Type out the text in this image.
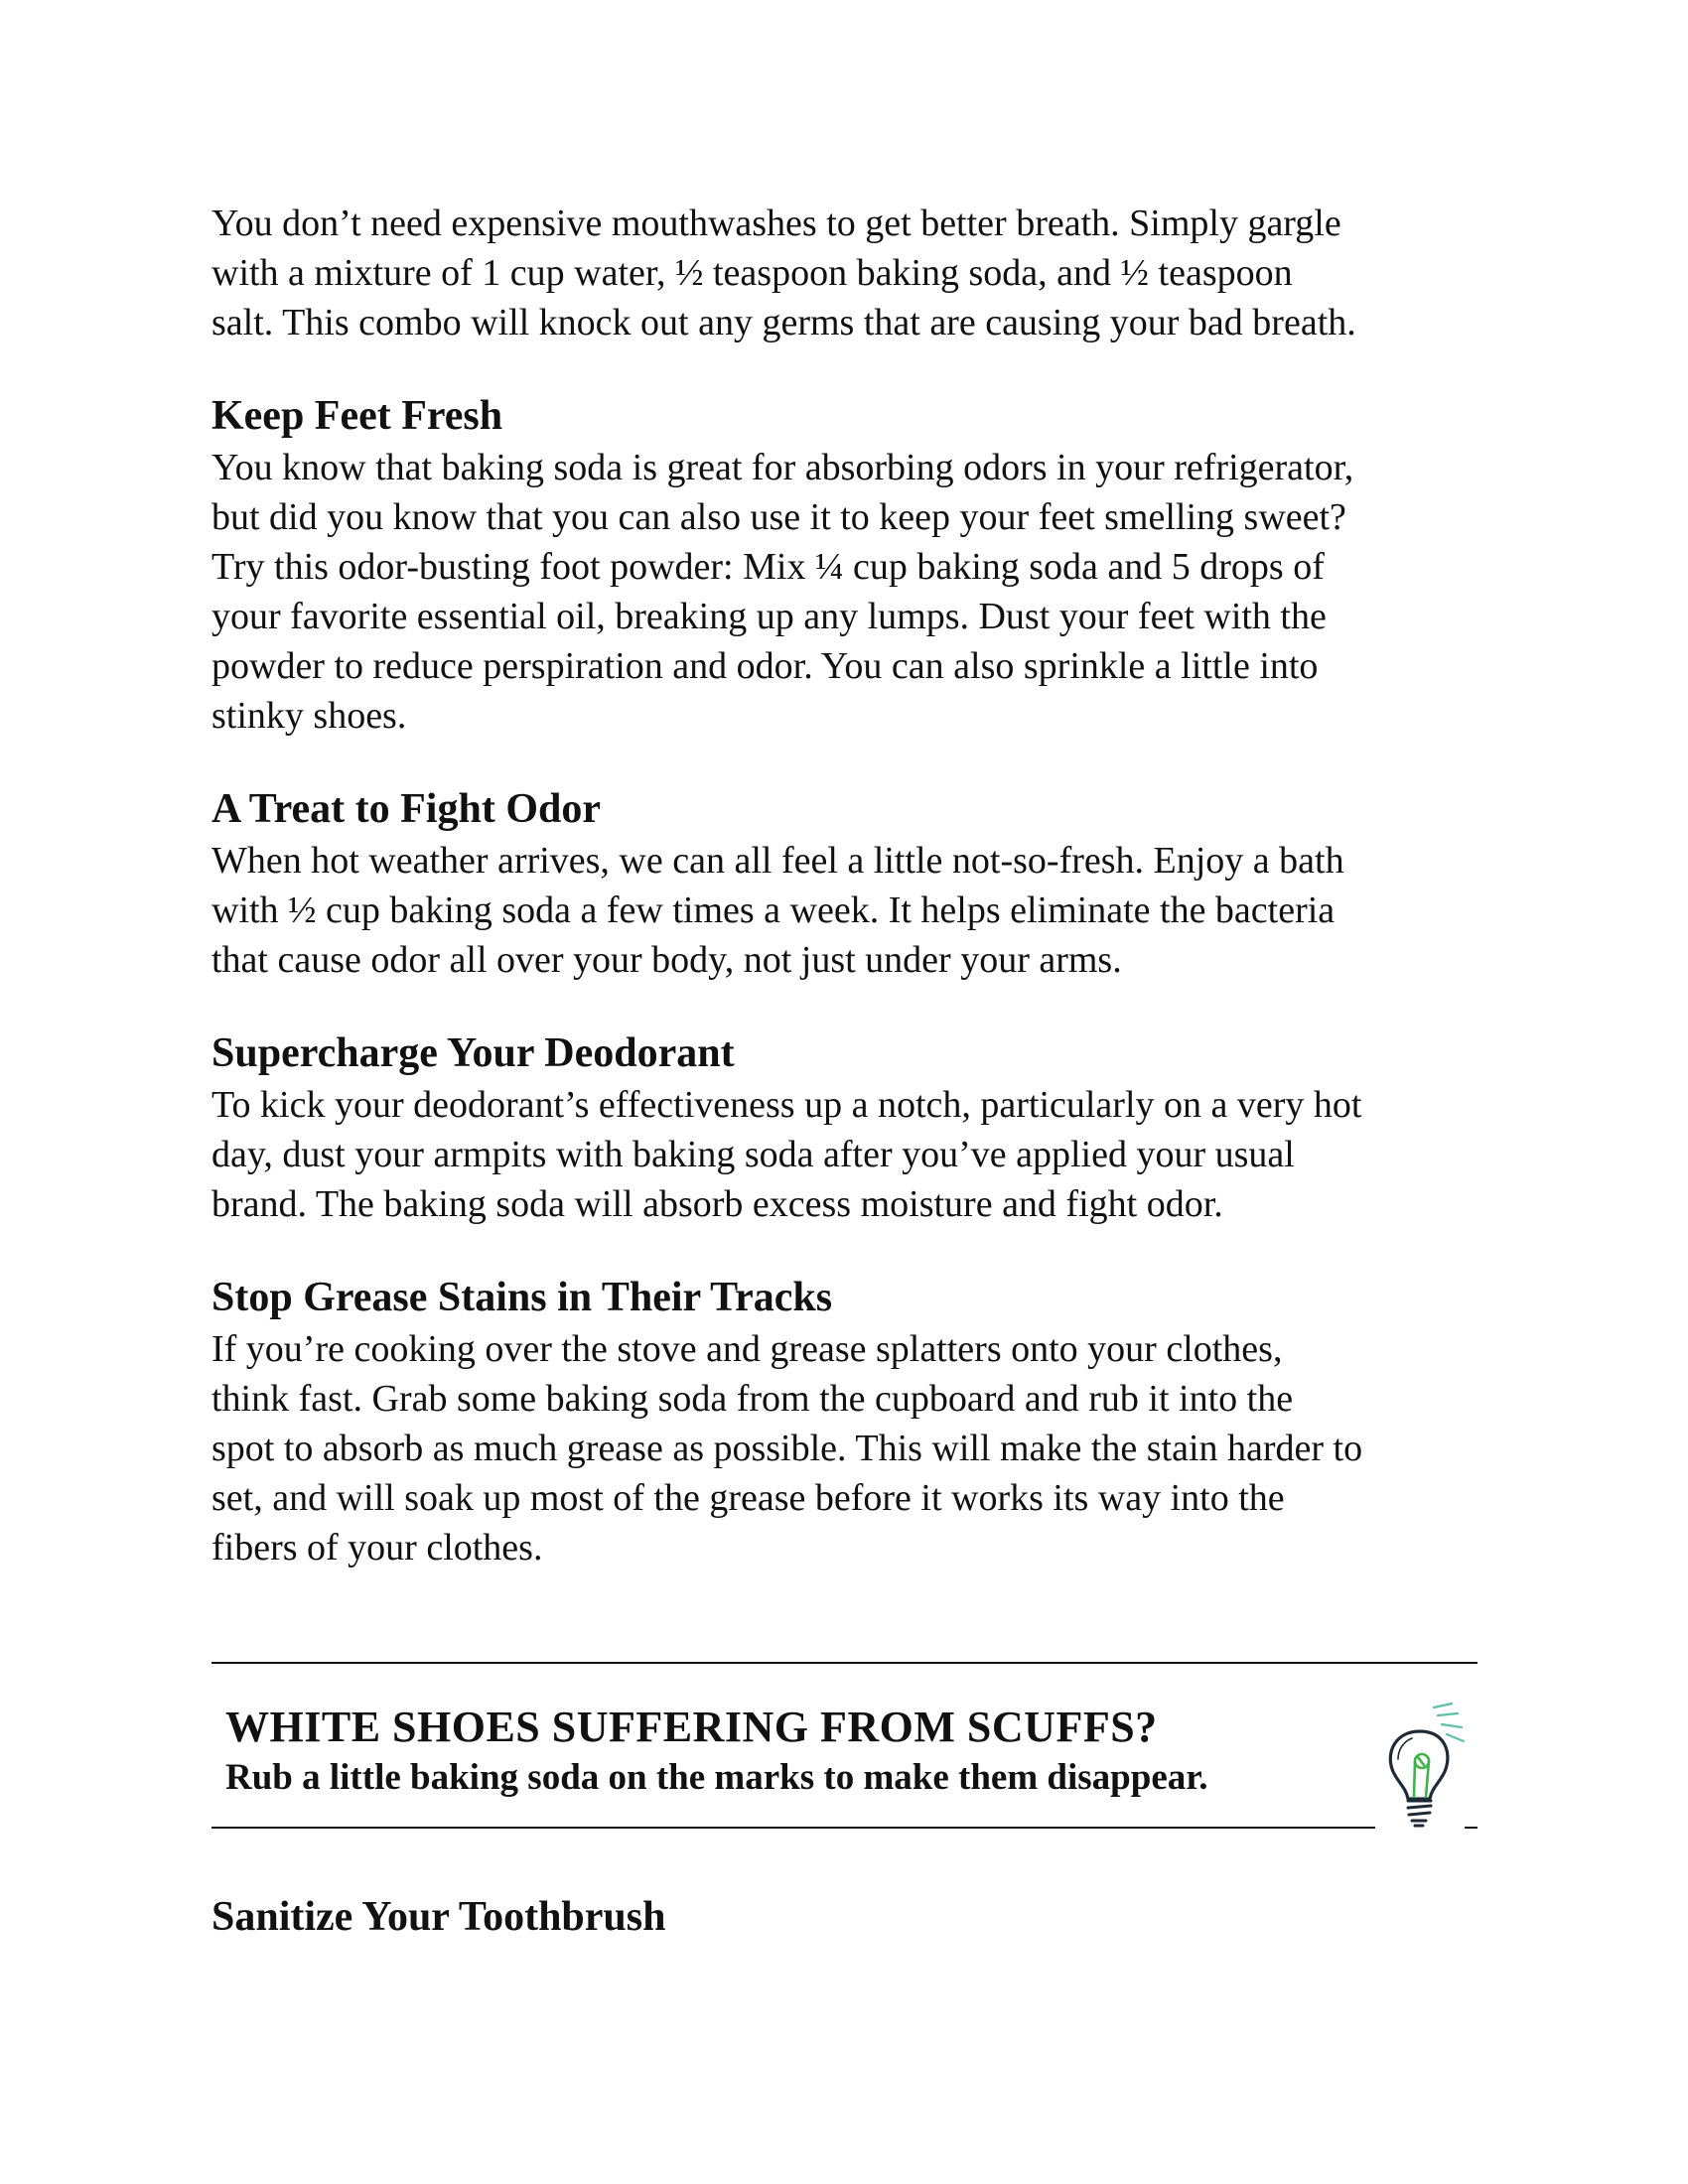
You don’t need expensive mouthwashes to get better breath. Simply gargle
with a mixture of 1 cup water, ½ teaspoon baking soda, and ½ teaspoon
salt. This combo will knock out any germs that are causing your bad breath.

Keep Feet Fresh

You know that baking soda is great for absorbing odors in your refrigerator,
but did you know that you can also use it to keep your feet smelling sweet?
Try this odor-busting foot powder: Mix ¼ cup baking soda and 5 drops of
your favorite essential oil, breaking up any lumps. Dust your feet with the
powder to reduce perspiration and odor. You can also sprinkle a little into
stinky shoes.

A Treat to Fight Odor

When hot weather arrives, we can all feel a little not-so-fresh. Enjoy a bath
with ½ cup baking soda a few times a week. It helps eliminate the bacteria
that cause odor all over your body, not just under your arms.

Supercharge Your Deodorant

To kick your deodorant’s effectiveness up a notch, particularly on a very hot
day, dust your armpits with baking soda after you’ve applied your usual
brand. The baking soda will absorb excess moisture and fight odor.

Stop Grease Stains in Their Tracks

If you’re cooking over the stove and grease splatters onto your clothes,
think fast. Grab some baking soda from the cupboard and rub it into the
spot to absorb as much grease as possible. This will make the stain harder to
set, and will soak up most of the grease before it works its way into the
fibers of your clothes.

WHITE SHOES SUFFERING FROM SCUFFS?

Rub a little baking soda on the marks to make them disappear.

Sanitize Your Toothbrush
